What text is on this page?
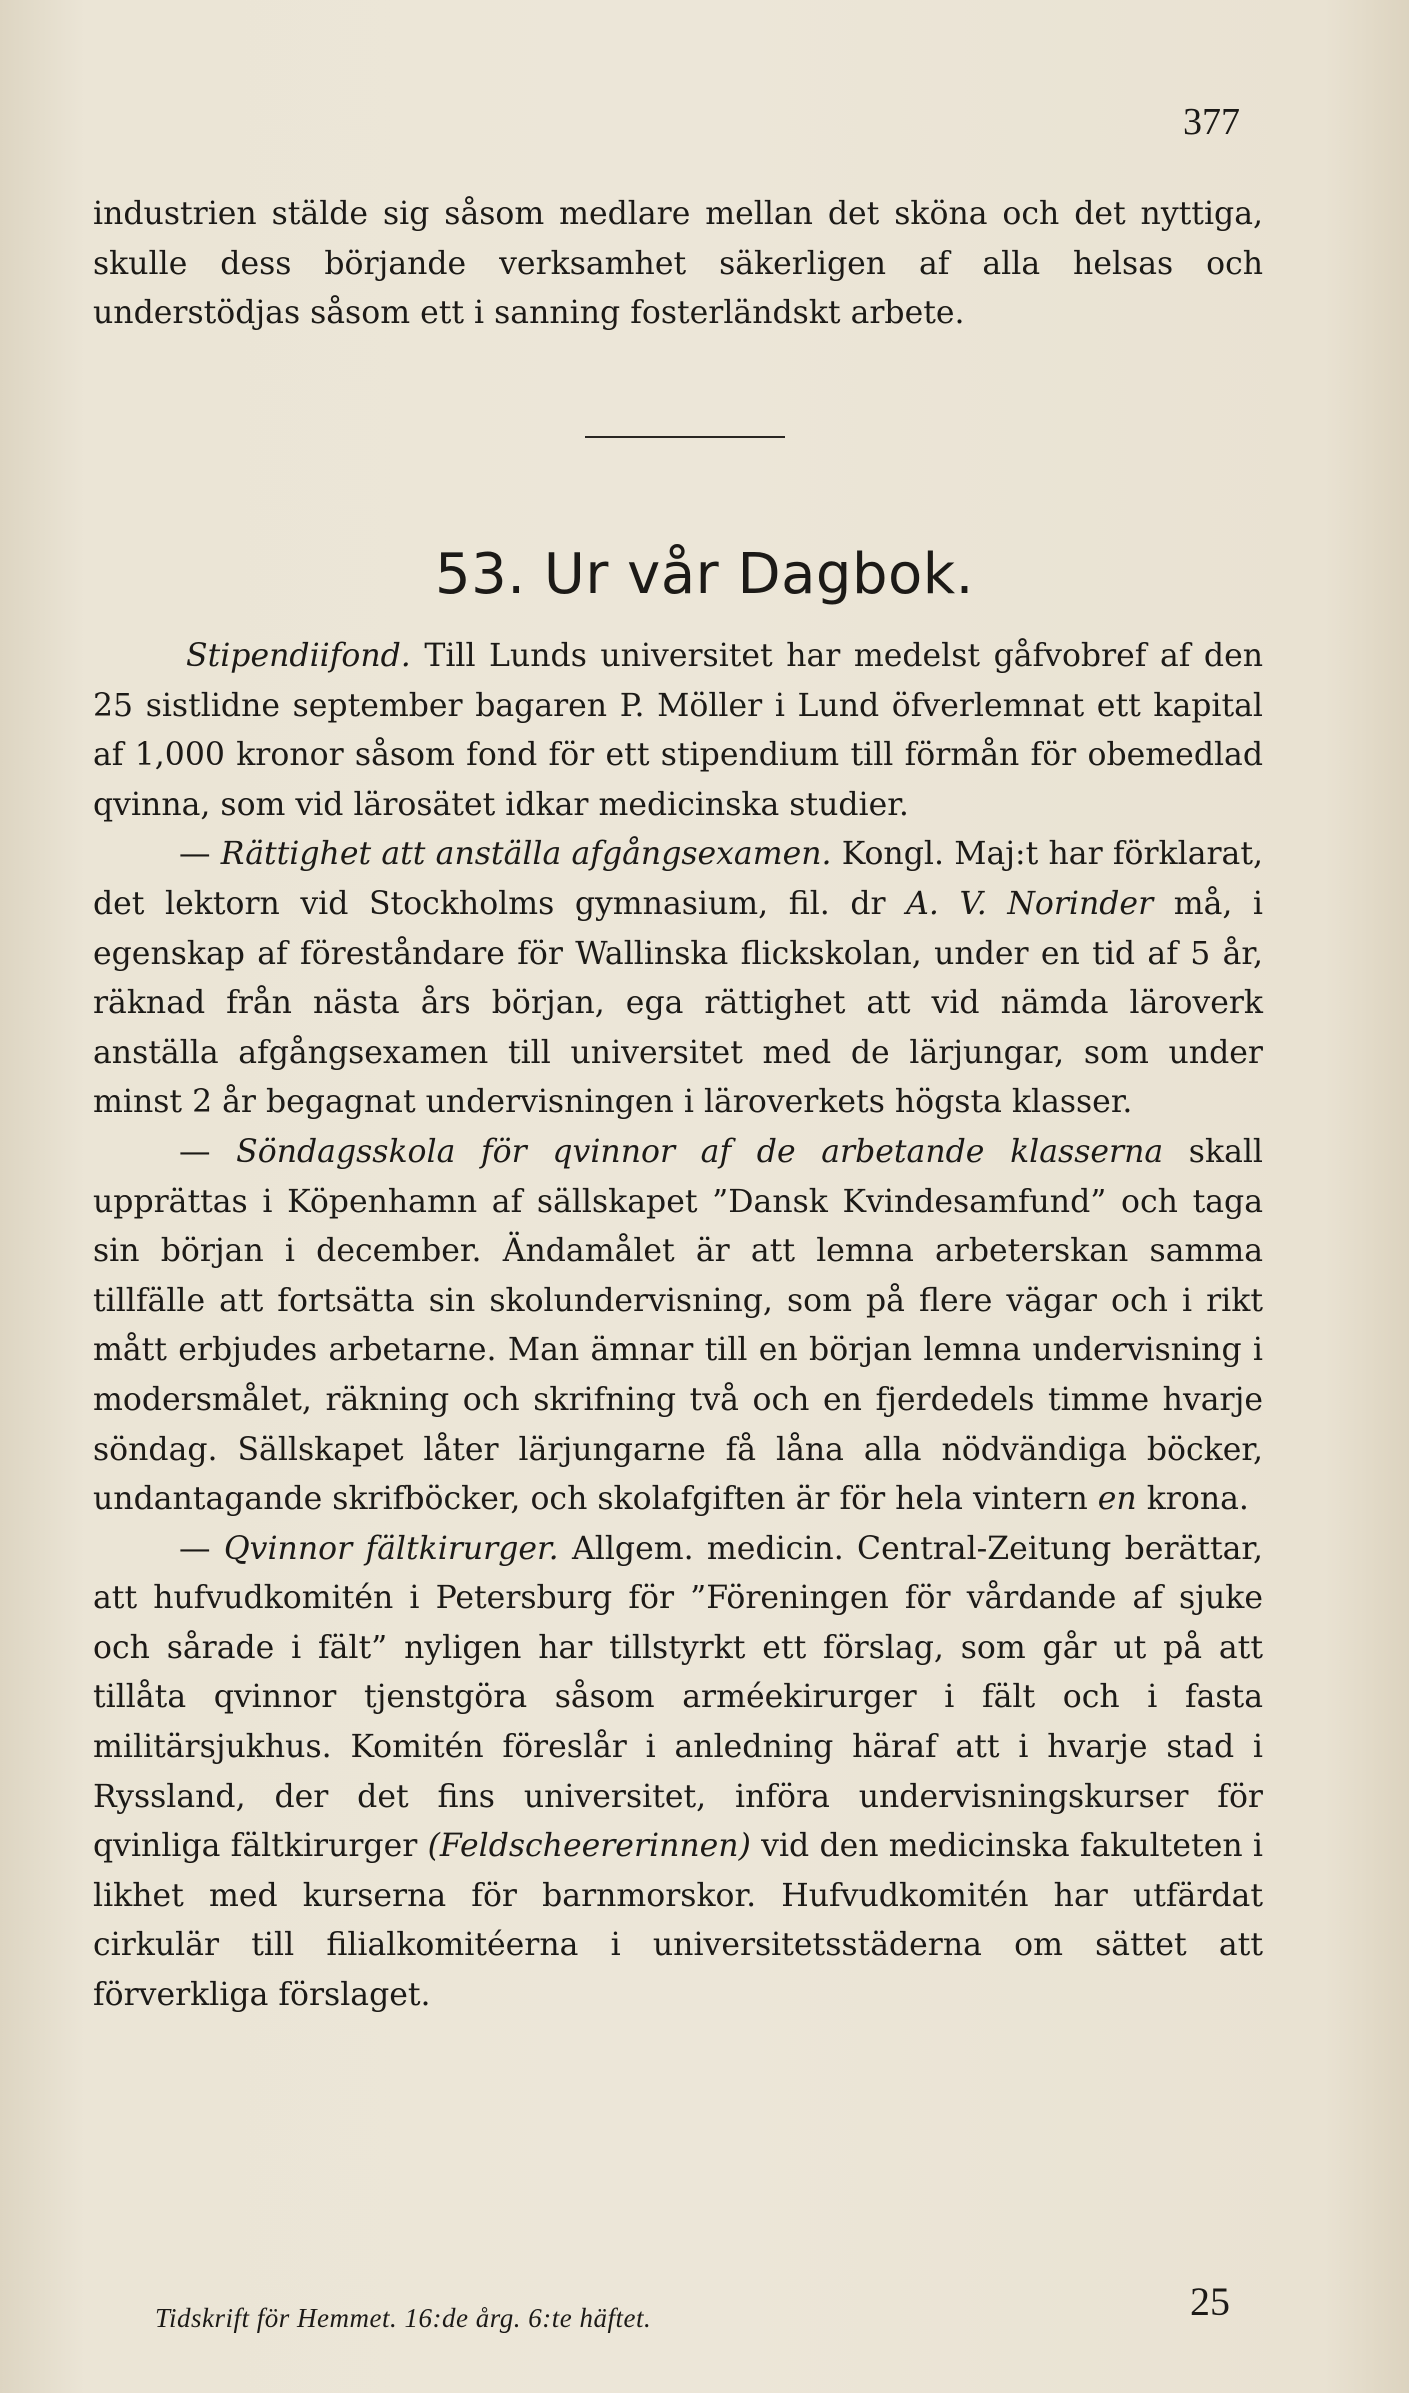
377

industrien stälde sig såsom medlare mellan det sköna och det nyttiga, skulle dess börjande verksamhet säkerligen af alla helsas och understödjas såsom ett i sanning fosterländskt arbete.

53. Ur vår Dagbok.

Stipendiifond. Till Lunds universitet har medelst gåfvobref af den 25 sistlidne september bagaren P. Möller i Lund öfverlemnat ett kapital af 1,000 kronor såsom fond för ett stipendium till förmån för obemedlad qvinna, som vid lärosätet idkar medicinska studier.

— Rättighet att anställa afgångsexamen. Kongl. Maj:t har förklarat, det lektorn vid Stockholms gymnasium, fil. dr A. V. Norinder må, i egenskap af föreståndare för Wallinska flickskolan, under en tid af 5 år, räknad från nästa års början, ega rättighet att vid nämda läroverk anställa afgångsexamen till universitet med de lärjungar, som under minst 2 år begagnat undervisningen i läroverkets högsta klasser.

— Söndagsskola för qvinnor af de arbetande klasserna skall upprättas i Köpenhamn af sällskapet ”Dansk Kvindesamfund” och taga sin början i december. Ändamålet är att lemna arbeterskan samma tillfälle att fortsätta sin skolundervisning, som på flere vägar och i rikt mått erbjudes arbetarne. Man ämnar till en början lemna undervisning i modersmålet, räkning och skrifning två och en fjerdedels timme hvarje söndag. Sällskapet låter lärjungarne få låna alla nödvändiga böcker, undantagande skrifböcker, och skolafgiften är för hela vintern en krona.

— Qvinnor fältkirurger. Allgem. medicin. Central-Zeitung berättar, att hufvudkomitén i Petersburg för ”Föreningen för vårdande af sjuke och sårade i fält” nyligen har tillstyrkt ett förslag, som går ut på att tillåta qvinnor tjenstgöra såsom arméekirurger i fält och i fasta militärsjukhus. Komitén föreslår i anledning häraf att i hvarje stad i Ryssland, der det fins universitet, införa undervisningskurser för qvinliga fältkirurger (Feldscheererinnen) vid den medicinska fakulteten i likhet med kurserna för barnmorskor. Hufvudkomitén har utfärdat cirkulär till filialkomitéerna i universitetsstäderna om sättet att förverkliga förslaget.

Tidskrift för Hemmet. 16:de årg. 6:te häftet.	25
